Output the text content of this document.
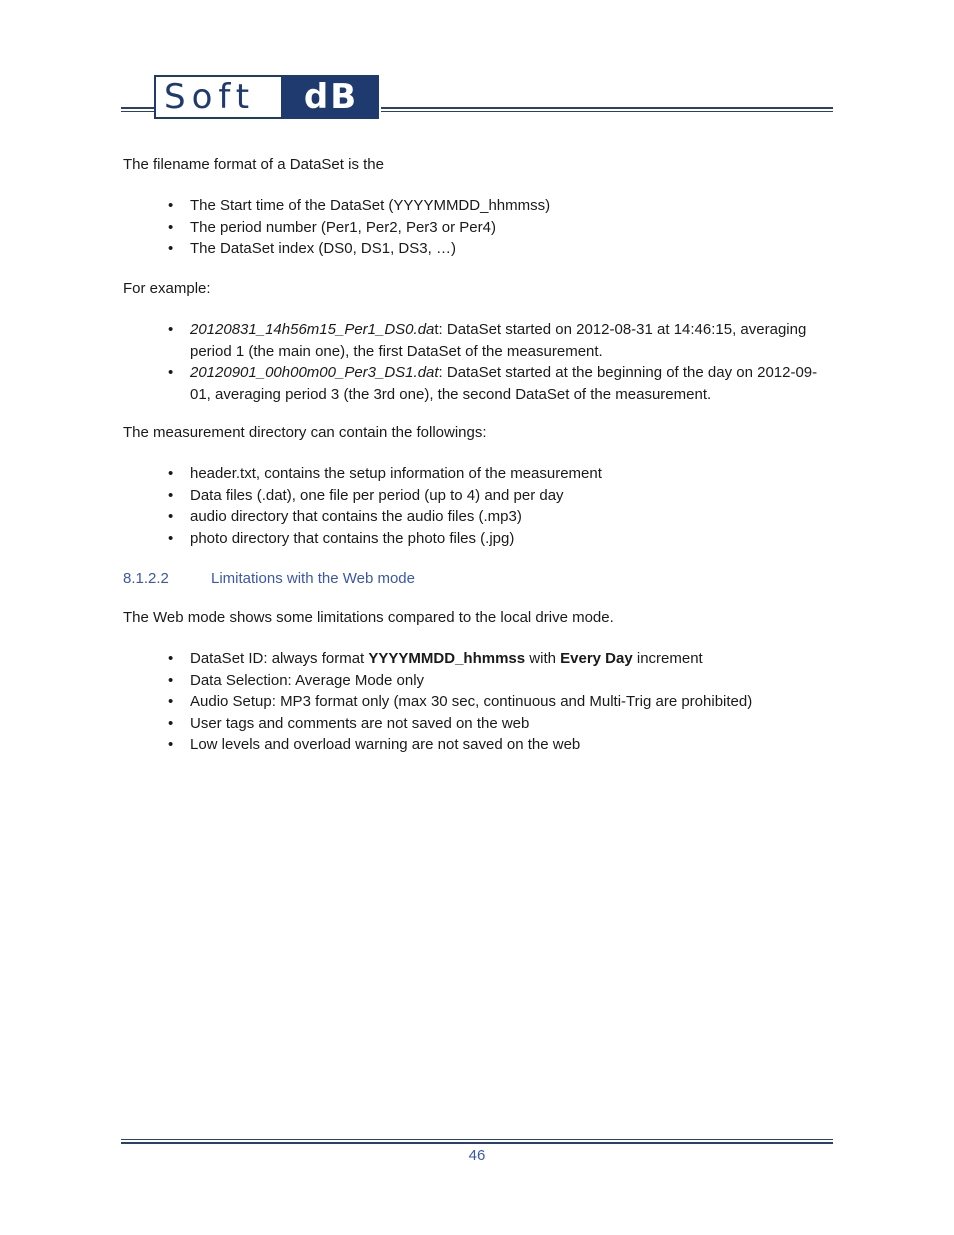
Soft	dB

The filename format of a DataSet is the

• The Start time of the DataSet (YYYYMMDD_hhmmss)
• The period number (Per1, Per2, Per3 or Per4)
• The DataSet index (DS0, DS1, DS3, …)

For example:

• 20120831_14h56m15_Per1_DS0.dat: DataSet started on 2012-08-31 at 14:46:15, averaging period 1 (the main one), the first DataSet of the measurement.
• 20120901_00h00m00_Per3_DS1.dat: DataSet started at the beginning of the day on 2012-09-01, averaging period 3 (the 3rd one), the second DataSet of the measurement.

The measurement directory can contain the followings:

• header.txt, contains the setup information of the measurement
• Data files (.dat), one file per period (up to 4) and per day
• audio directory that contains the audio files (.mp3)
• photo directory that contains the photo files (.jpg)
8.1.2.2	Limitations with the Web mode

The Web mode shows some limitations compared to the local drive mode.

• DataSet ID: always format YYYYMMDD_hhmmss with Every Day increment
• Data Selection: Average Mode only
• Audio Setup: MP3 format only (max 30 sec, continuous and Multi-Trig are prohibited)
• User tags and comments are not saved on the web
• Low levels and overload warning are not saved on the web
46
